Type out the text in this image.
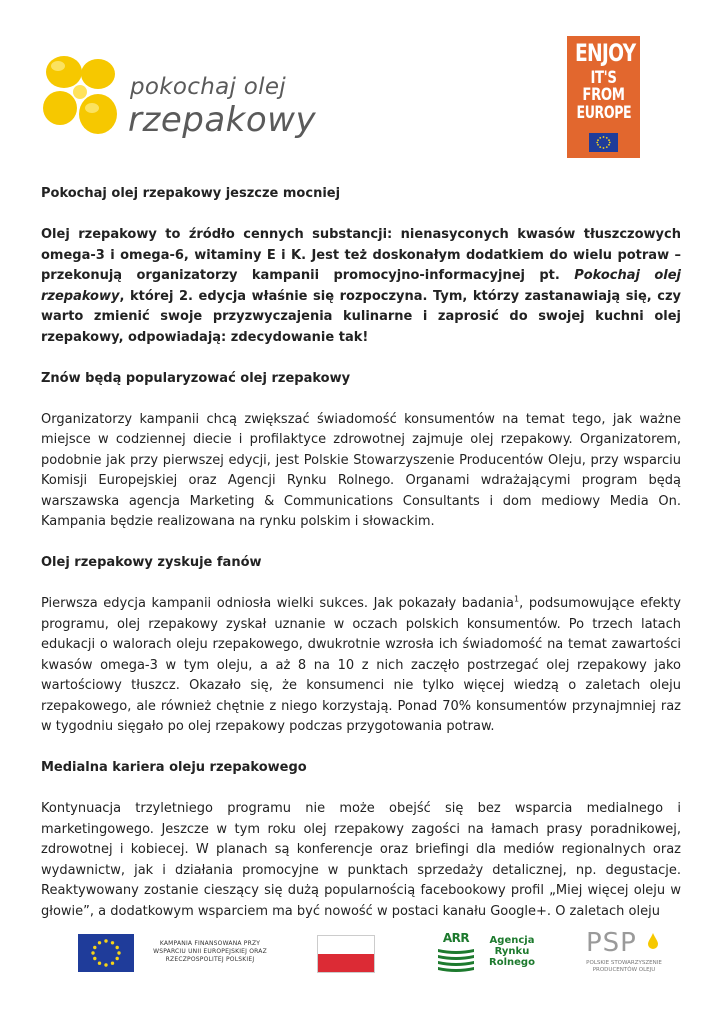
pokochaj olej
rzepakowy
ENJOY
IT'S FROM
EUROPE

Pokochaj olej rzepakowy jeszcze mocniej

Olej rzepakowy to źródło cennych substancji: nienasyconych kwasów tłuszczowych omega-3 i omega-6, witaminy E i K. Jest też doskonałym dodatkiem do wielu potraw – przekonują organizatorzy kampanii promocyjno-informacyjnej pt. Pokochaj olej rzepakowy, której 2. edycja właśnie się rozpoczyna. Tym, którzy zastanawiają się, czy warto zmienić swoje przyzwyczajenia kulinarne i zaprosić do swojej kuchni olej rzepakowy, odpowiadają: zdecydowanie tak!

Znów będą popularyzować olej rzepakowy

Organizatorzy kampanii chcą zwiększać świadomość konsumentów na temat tego, jak ważne miejsce w codziennej diecie i profilaktyce zdrowotnej zajmuje olej rzepakowy. Organizatorem, podobnie jak przy pierwszej edycji, jest Polskie Stowarzyszenie Producentów Oleju, przy wsparciu Komisji Europejskiej oraz Agencji Rynku Rolnego. Organami wdrażającymi program będą warszawska agencja Marketing & Communications Consultants i dom mediowy Media On. Kampania będzie realizowana na rynku polskim i słowackim.

Olej rzepakowy zyskuje fanów

Pierwsza edycja kampanii odniosła wielki sukces. Jak pokazały badania$^1$, podsumowujące efekty programu, olej rzepakowy zyskał uznanie w oczach polskich konsumentów. Po trzech latach edukacji o walorach oleju rzepakowego, dwukrotnie wzrosła ich świadomość na temat zawartości kwasów omega-3 w tym oleju, a aż 8 na 10 z nich zaczęło postrzegać olej rzepakowy jako wartościowy tłuszcz. Okazało się, że konsumenci nie tylko więcej wiedzą o zaletach oleju rzepakowego, ale również chętnie z niego korzystają. Ponad 70% konsumentów przynajmniej raz w tygodniu sięgało po olej rzepakowy podczas przygotowania potraw.

Medialna kariera oleju rzepakowego

Kontynuacja trzyletniego programu nie może obejść się bez wsparcia medialnego i marketingowego. Jeszcze w tym roku olej rzepakowy zagości na łamach prasy poradnikowej, zdrowotnej i kobiecej. W planach są konferencje oraz briefingi dla mediów regionalnych oraz wydawnictw, jak i działania promocyjne w punktach sprzedaży detalicznej, np. degustacje. Reaktywowany zostanie cieszący się dużą popularnością facebookowy profil „Miej więcej oleju w głowie”, a dodatkowym wsparciem ma być nowość w postaci kanału Google+. O zaletach oleju

KAMPANIA FINANSOWANA PRZY
WSPARCIU UNII EUROPEJSKIEJ ORAZ
RZECZPOSPOLITEJ POLSKIEJ
ARR	Agencja
Rynku
Rolnego
PSP
POLSKIE STOWARZYSZENIE
PRODUCENTÓW OLEJU
